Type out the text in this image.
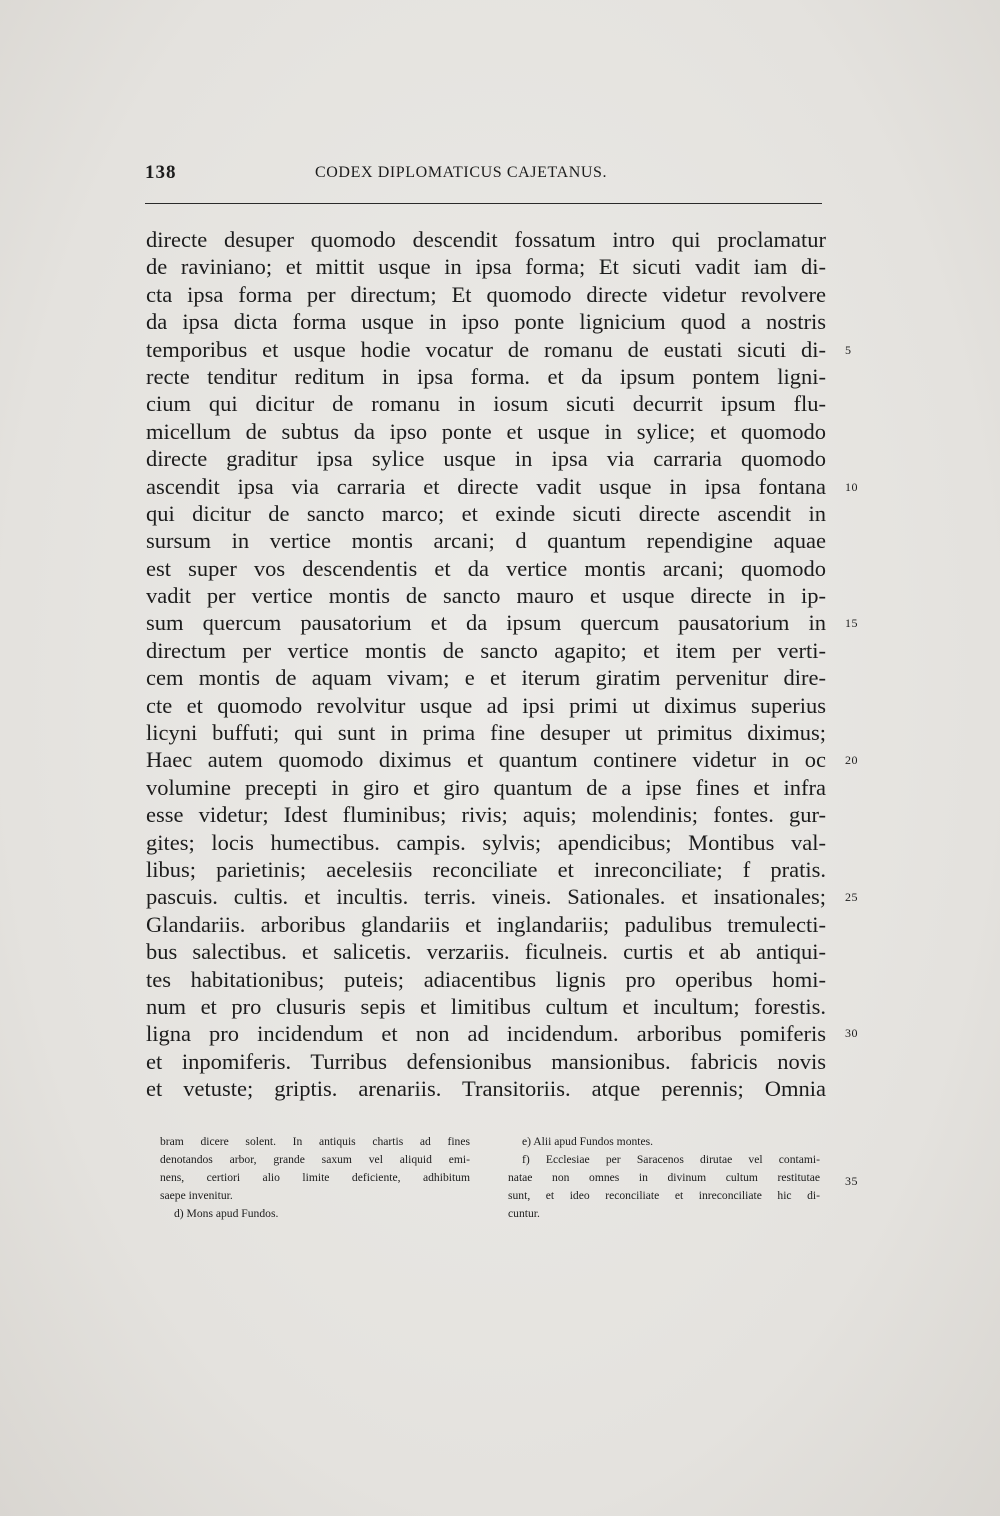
138	CODEX DIPLOMATICUS CAJETANUS.
directe desuper quomodo descendit fossatum intro qui proclamatur
de raviniano; et mittit usque in ipsa forma; Et sicuti vadit iam di-
cta ipsa forma per directum; Et quomodo directe videtur revolvere
da ipsa dicta forma usque in ipso ponte lignicium quod a nostris
temporibus et usque hodie vocatur de romanu de eustati sicuti di-
recte tenditur reditum in ipsa forma. et da ipsum pontem ligni-
cium qui dicitur de romanu in iosum sicuti decurrit ipsum flu-
micellum de subtus da ipso ponte et usque in sylice; et quomodo
directe graditur ipsa sylice usque in ipsa via carraria quomodo
ascendit ipsa via carraria et directe vadit usque in ipsa fontana
qui dicitur de sancto marco; et exinde sicuti directe ascendit in
sursum in vertice montis arcani; d quantum rependigine aquae
est super vos descendentis et da vertice montis arcani; quomodo
vadit per vertice montis de sancto mauro et usque directe in ip-
sum quercum pausatorium et da ipsum quercum pausatorium in
directum per vertice montis de sancto agapito; et item per verti-
cem montis de aquam vivam; e et iterum giratim pervenitur dire-
cte et quomodo revolvitur usque ad ipsi primi ut diximus superius
licyni buffuti; qui sunt in prima fine desuper ut primitus diximus;
Haec autem quomodo diximus et quantum continere videtur in oc
volumine precepti in giro et giro quantum de a ipse fines et infra
esse videtur; Idest fluminibus; rivis; aquis; molendinis; fontes. gur-
gites; locis humectibus. campis. sylvis; apendicibus; Montibus val-
libus; parietinis; aecelesiis reconciliate et inreconciliate; f pratis.
pascuis. cultis. et incultis. terris. vineis. Sationales. et insationales;
Glandariis. arboribus glandariis et inglandariis; padulibus tremulecti-
bus salectibus. et salicetis. verzariis. ficulneis. curtis et ab antiqui-
tes habitationibus; puteis; adiacentibus lignis pro operibus homi-
num et pro clusuris sepis et limitibus cultum et incultum; forestis.
ligna pro incidendum et non ad incidendum. arboribus pomiferis
et inpomiferis. Turribus defensionibus mansionibus. fabricis novis
et vetuste; griptis. arenariis. Transitoriis. atque perennis; Omnia
5
10
15
20
25
30
35
bram dicere solent. In antiquis chartis ad fines
denotandos arbor, grande saxum vel aliquid emi-
nens, certiori alio limite deficiente, adhibitum
saepe invenitur.
d) Mons apud Fundos.
e) Alii apud Fundos montes.
f) Ecclesiae per Saracenos dirutae vel contami-
natae non omnes in divinum cultum restitutae
sunt, et ideo reconciliate et inreconciliate hic di-
cuntur.
